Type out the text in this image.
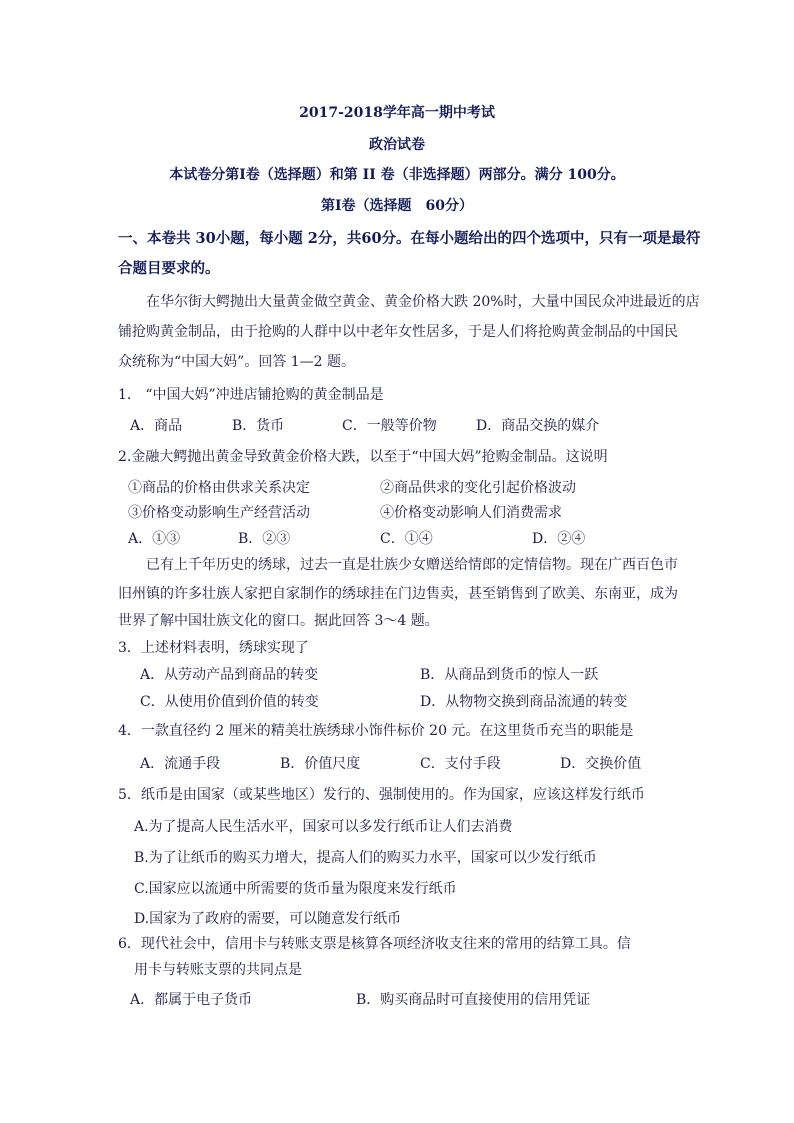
2017-2018学年高一期中考试
政治试卷
本试卷分第Ⅰ卷（选择题）和第 II 卷（非选择题）两部分。满分 100分。
第Ⅰ卷（选择题　60分）
一、本卷共 30小题，每小题 2分，共60分。在每小题给出的四个选项中，只有一项是最符
合题目要求的。
在华尔街大鳄抛出大量黄金做空黄金、黄金价格大跌 20%时，大量中国民众冲进最近的店
铺抢购黄金制品，由于抢购的人群中以中老年女性居多，于是人们将抢购黄金制品的中国民
众统称为“中国大妈”。回答 1—2 题。
1.　“中国大妈”冲进店铺抢购的黄金制品是
A．商品	B．货币	C．一般等价物	D．商品交换的媒介
2.金融大鳄抛出黄金导致黄金价格大跌，以至于“中国大妈”抢购金制品。这说明
①商品的价格由供求关系决定	②商品供求的变化引起价格波动
③价格变动影响生产经营活动	④价格变动影响人们消费需求
A．①③	B．②③	C．①④	D．②④
已有上千年历史的绣球，过去一直是壮族少女赠送给情郎的定情信物。现在广西百色市
旧州镇的许多壮族人家把自家制作的绣球挂在门边售卖，甚至销售到了欧美、东南亚，成为
世界了解中国壮族文化的窗口。据此回答 3～4 题。
3．上述材料表明，绣球实现了
A．从劳动产品到商品的转变	B．从商品到货币的惊人一跃
C．从使用价值到价值的转变	D．从物物交换到商品流通的转变
4．一款直径约 2 厘米的精美壮族绣球小饰件标价 20 元。在这里货币充当的职能是
A．流通手段	B．价值尺度	C．支付手段	D．交换价值
5．纸币是由国家（或某些地区）发行的、强制使用的。作为国家，应该这样发行纸币
A.为了提高人民生活水平，国家可以多发行纸币让人们去消费
B.为了让纸币的购买力增大，提高人们的购买力水平，国家可以少发行纸币
C.国家应以流通中所需要的货币量为限度来发行纸币
D.国家为了政府的需要，可以随意发行纸币
6．现代社会中，信用卡与转账支票是核算各项经济收支往来的常用的结算工具。信
用卡与转账支票的共同点是
A．都属于电子货币	B．购买商品时可直接使用的信用凭证
